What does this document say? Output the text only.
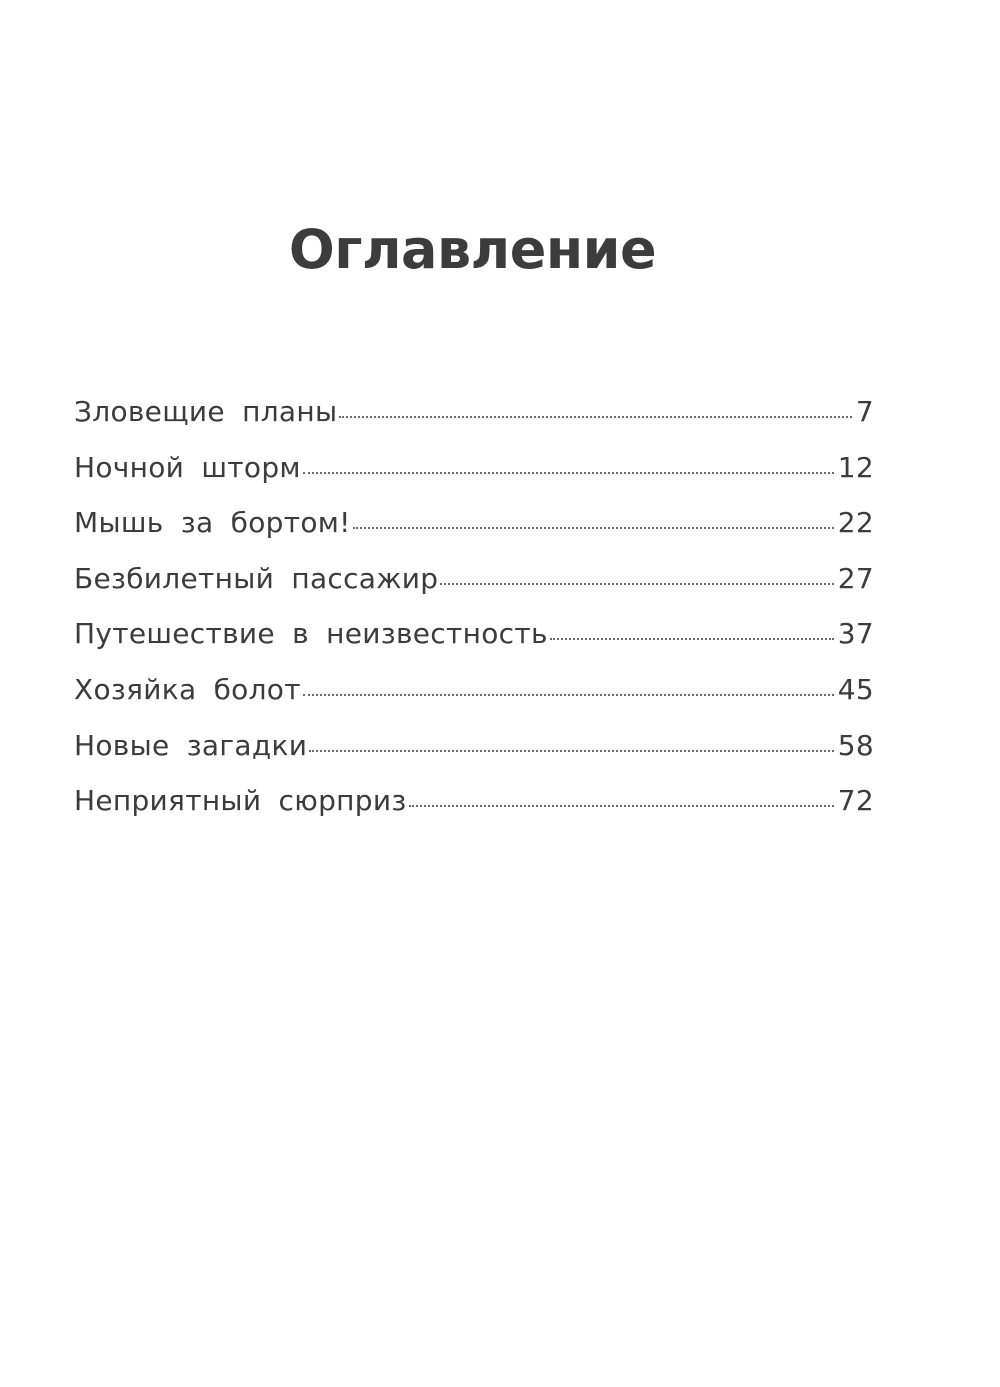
Оглавление
Зловещие планы	7
Ночной шторм	12
Мышь за бортом!	22
Безбилетный пассажир	27
Путешествие в неизвестность	37
Хозяйка болот	45
Новые загадки	58
Неприятный сюрприз	72
